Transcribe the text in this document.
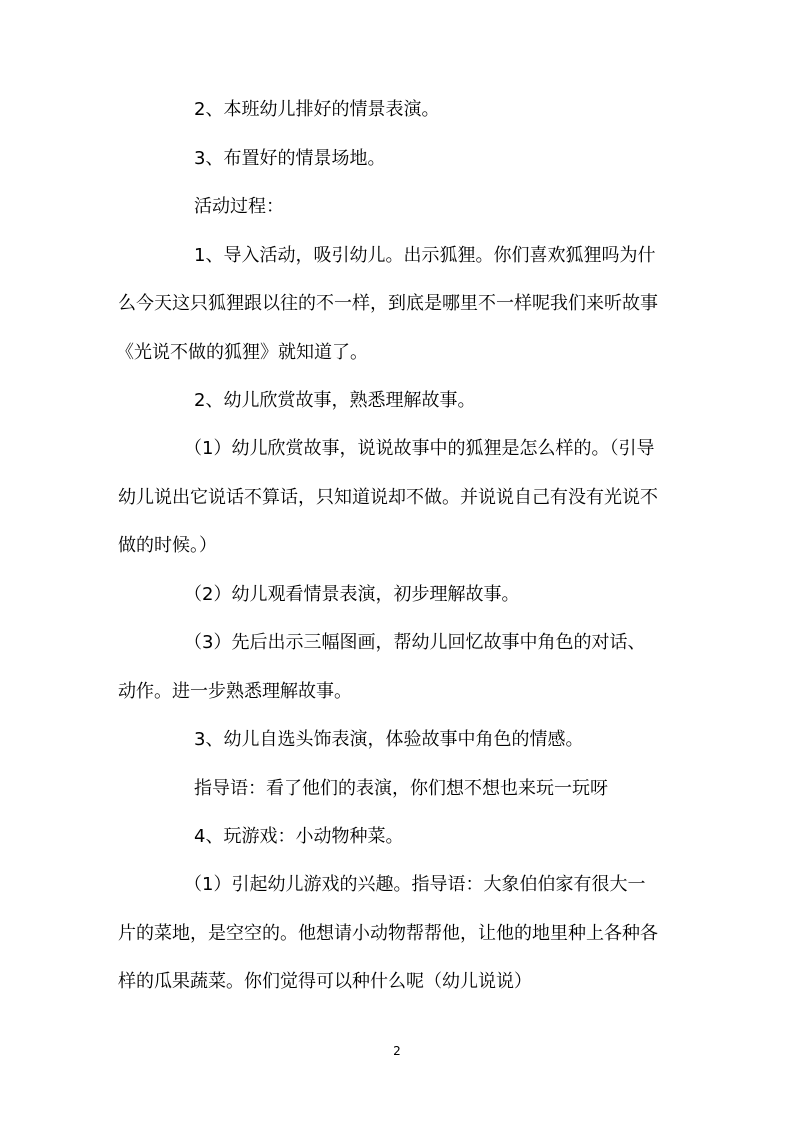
2、本班幼儿排好的情景表演。
3、布置好的情景场地。
活动过程：
1、导入活动，吸引幼儿。出示狐狸。你们喜欢狐狸吗为什
么今天这只狐狸跟以往的不一样，到底是哪里不一样呢我们来听故事
《光说不做的狐狸》就知道了。
2、幼儿欣赏故事，熟悉理解故事。
（1）幼儿欣赏故事，说说故事中的狐狸是怎么样的。（引导
幼儿说出它说话不算话，只知道说却不做。并说说自己有没有光说不
做的时候。）
（2）幼儿观看情景表演，初步理解故事。
（3）先后出示三幅图画，帮幼儿回忆故事中角色的对话、
动作。进一步熟悉理解故事。
3、幼儿自选头饰表演，体验故事中角色的情感。
指导语：看了他们的表演，你们想不想也来玩一玩呀
4、玩游戏：小动物种菜。
（1）引起幼儿游戏的兴趣。指导语：大象伯伯家有很大一
片的菜地，是空空的。他想请小动物帮帮他，让他的地里种上各种各
样的瓜果蔬菜。你们觉得可以种什么呢（幼儿说说）
2
